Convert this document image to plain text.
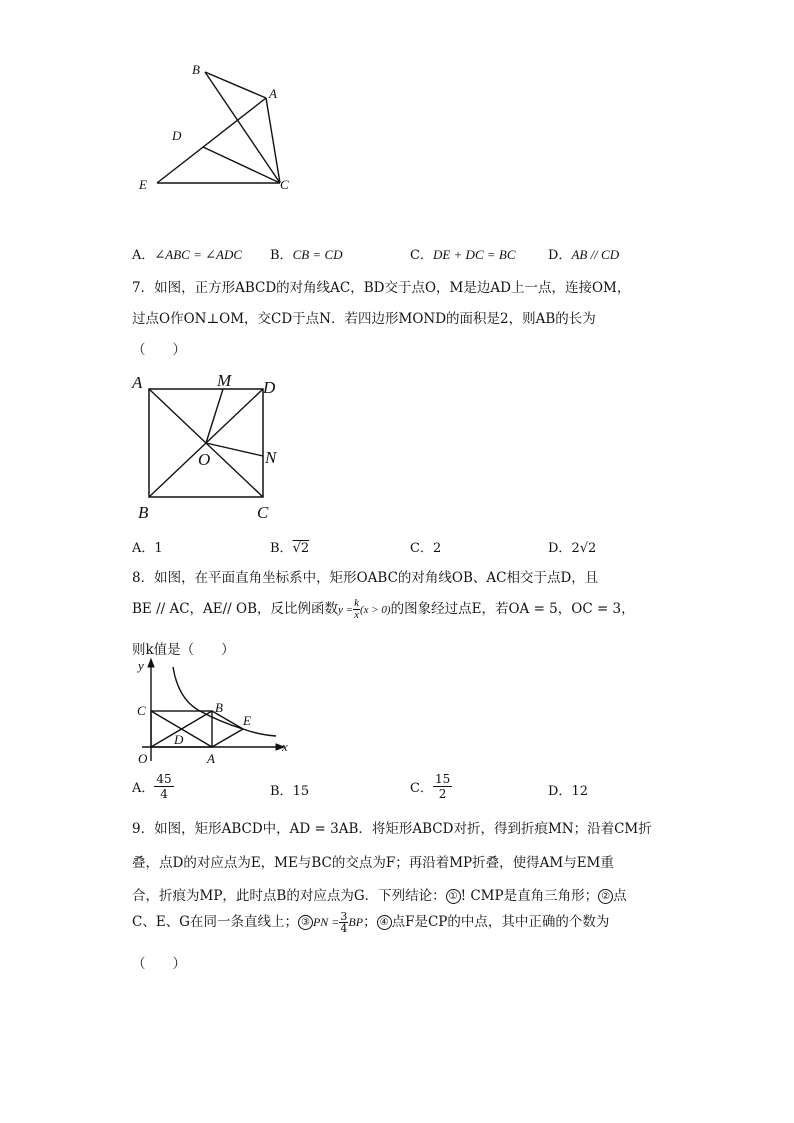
B
A
D
E	C
A．∠ABC = ∠ADC B．CB = CD	C．DE + DC = BC	D．AB // CD
7．如图，正方形ABCD的对角线AC，BD交于点O，M是边AD上一点，连接OM，
过点O作ON⊥OM，交CD于点N．若四边形MOND的面积是2，则AB的长为
（　　）
A	M D
O	N
B	C
A．1	B．√2	C．2	D．2√2
8．如图，在平面直角坐标系中，矩形OABC的对角线OB、AC相交于点D，且
BE // AC，AE// OB，反比例函数$y = \frac{k}{x} (x > 0)$的图象经过点E，若OA = 5，OC = 3，
则k值是（　　）
y
x
C	B
E
D
O	A
A． $\frac{45}{4}$	B．15	C． $\frac{15}{2}$	D．12
9．如图，矩形ABCD中，AD = 3AB．将矩形ABCD对折，得到折痕MN；沿着CM折
叠，点D的对应点为E，ME与BC的交点为F；再沿着MP折叠，使得AM与EM重
合，折痕为MP，此时点B的对应点为G．下列结论： ① ! CMP是直角三角形； ② 点
C、E、G在同一条直线上； ③ PN = $\frac{3}{4}$ BP； ④ 点F是CP的中点，其中正确的个数为
（　　）
